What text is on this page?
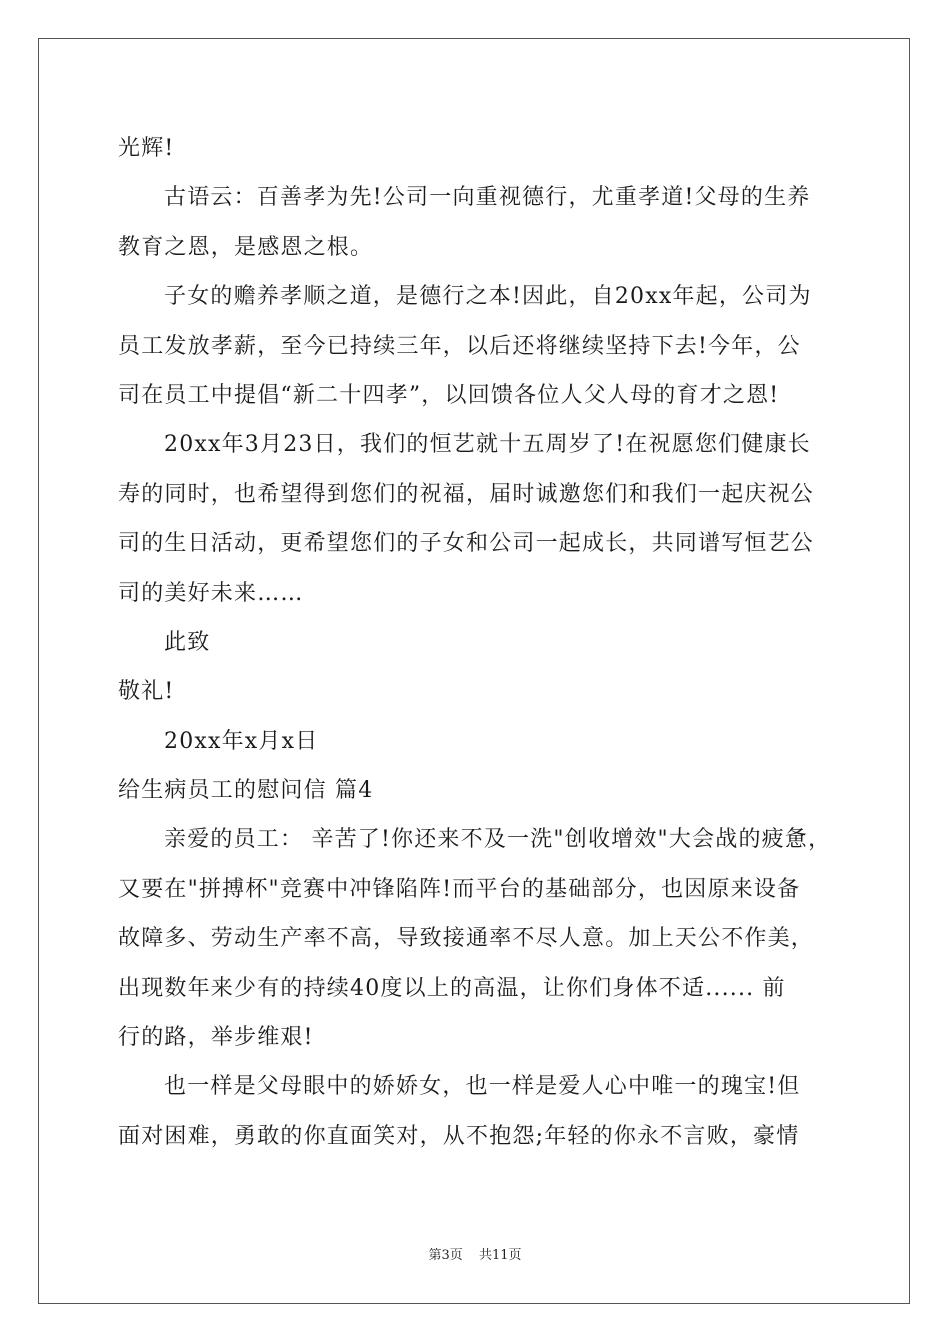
光辉!
古语云：百善孝为先!公司一向重视德行，尤重孝道!父母的生养
教育之恩，是感恩之根。
子女的赡养孝顺之道，是德行之本!因此，自20xx年起，公司为
员工发放孝薪，至今已持续三年，以后还将继续坚持下去!今年，公
司在员工中提倡“新二十四孝”，以回馈各位人父人母的育才之恩!
20xx年3月23日，我们的恒艺就十五周岁了!在祝愿您们健康长
寿的同时，也希望得到您们的祝福，届时诚邀您们和我们一起庆祝公
司的生日活动，更希望您们的子女和公司一起成长，共同谱写恒艺公
司的美好未来……
此致
敬礼!
20xx年x月x日
给生病员工的慰问信 篇4
亲爱的员工： 辛苦了!你还来不及一洗"创收增效"大会战的疲惫，
又要在"拼搏杯"竞赛中冲锋陷阵!而平台的基础部分，也因原来设备
故障多、劳动生产率不高，导致接通率不尽人意。加上天公不作美，
出现数年来少有的持续40度以上的高温，让你们身体不适...... 前
行的路，举步维艰!
也一样是父母眼中的娇娇女，也一样是爱人心中唯一的瑰宝!但
面对困难，勇敢的你直面笑对，从不抱怨;年轻的你永不言败，豪情
第3页 共11页
